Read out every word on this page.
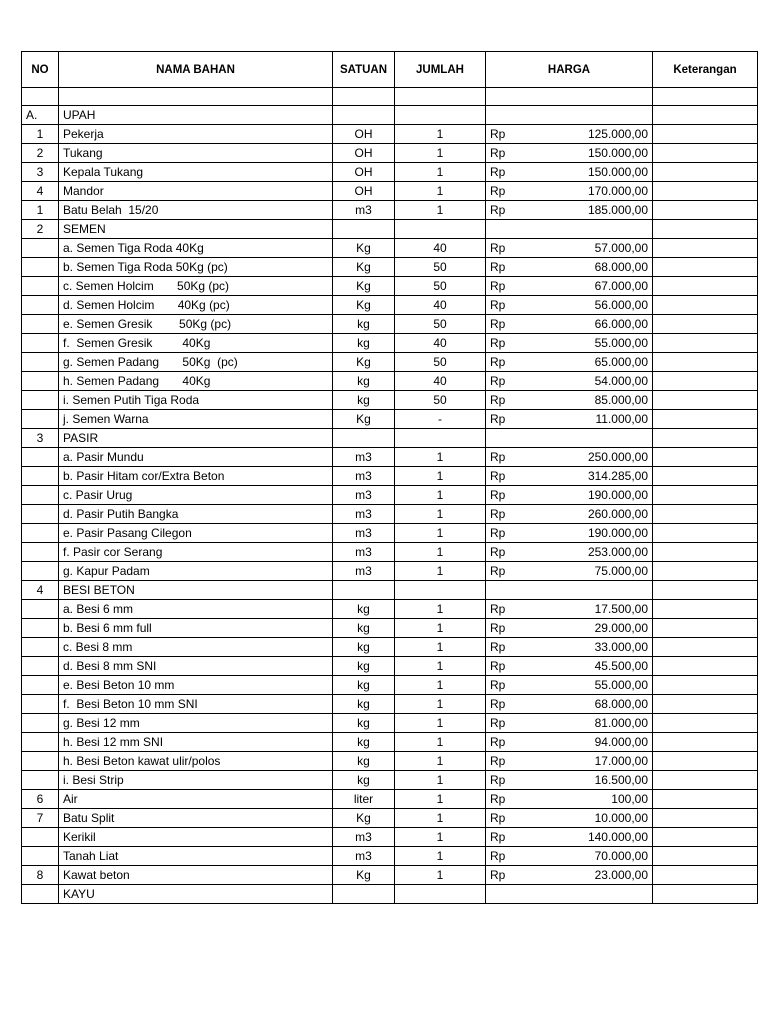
NO	NAMA BAHAN	SATUAN	JUMLAH	HARGA		Keterangan

A.	UPAH					
1	Pekerja	OH	1	Rp	125.000,00	
2	Tukang	OH	1	Rp	150.000,00	
3	Kepala Tukang	OH	1	Rp	150.000,00	
4	Mandor	OH	1	Rp	170.000,00	
1	Batu Belah  15/20	m3	1	Rp	185.000,00	
2	SEMEN					
	a. Semen Tiga Roda 40Kg	Kg	40	Rp	57.000,00	
	b. Semen Tiga Roda 50Kg (pc)	Kg	50	Rp	68.000,00	
	c. Semen Holcim       50Kg (pc)	Kg	50	Rp	67.000,00	
	d. Semen Holcim       40Kg (pc)	Kg	40	Rp	56.000,00	
	e. Semen Gresik        50Kg (pc)	kg	50	Rp	66.000,00	
	f.  Semen Gresik         40Kg	kg	40	Rp	55.000,00	
	g. Semen Padang       50Kg  (pc)	Kg	50	Rp	65.000,00	
	h. Semen Padang       40Kg	kg	40	Rp	54.000,00	
	i. Semen Putih Tiga Roda	kg	50	Rp	85.000,00	
	j. Semen Warna	Kg	-	Rp	11.000,00	
3	PASIR					
	a. Pasir Mundu	m3	1	Rp	250.000,00	
	b. Pasir Hitam cor/Extra Beton	m3	1	Rp	314.285,00	
	c. Pasir Urug	m3	1	Rp	190.000,00	
	d. Pasir Putih Bangka	m3	1	Rp	260.000,00	
	e. Pasir Pasang Cilegon	m3	1	Rp	190.000,00	
	f. Pasir cor Serang	m3	1	Rp	253.000,00	
	g. Kapur Padam	m3	1	Rp	75.000,00	
4	BESI BETON					
	a. Besi 6 mm	kg	1	Rp	17.500,00	
	b. Besi 6 mm full	kg	1	Rp	29.000,00	
	c. Besi 8 mm	kg	1	Rp	33.000,00	
	d. Besi 8 mm SNI	kg	1	Rp	45.500,00	
	e. Besi Beton 10 mm	kg	1	Rp	55.000,00	
	f.  Besi Beton 10 mm SNI	kg	1	Rp	68.000,00	
	g. Besi 12 mm	kg	1	Rp	81.000,00	
	h. Besi 12 mm SNI	kg	1	Rp	94.000,00	
	h. Besi Beton kawat ulir/polos	kg	1	Rp	17.000,00	
	i. Besi Strip	kg	1	Rp	16.500,00	
6	Air	liter	1	Rp	100,00	
7	Batu Split	Kg	1	Rp	10.000,00	
	Kerikil	m3	1	Rp	140.000,00	
	Tanah Liat	m3	1	Rp	70.000,00	
8	Kawat beton	Kg	1	Rp	23.000,00	
	KAYU					
